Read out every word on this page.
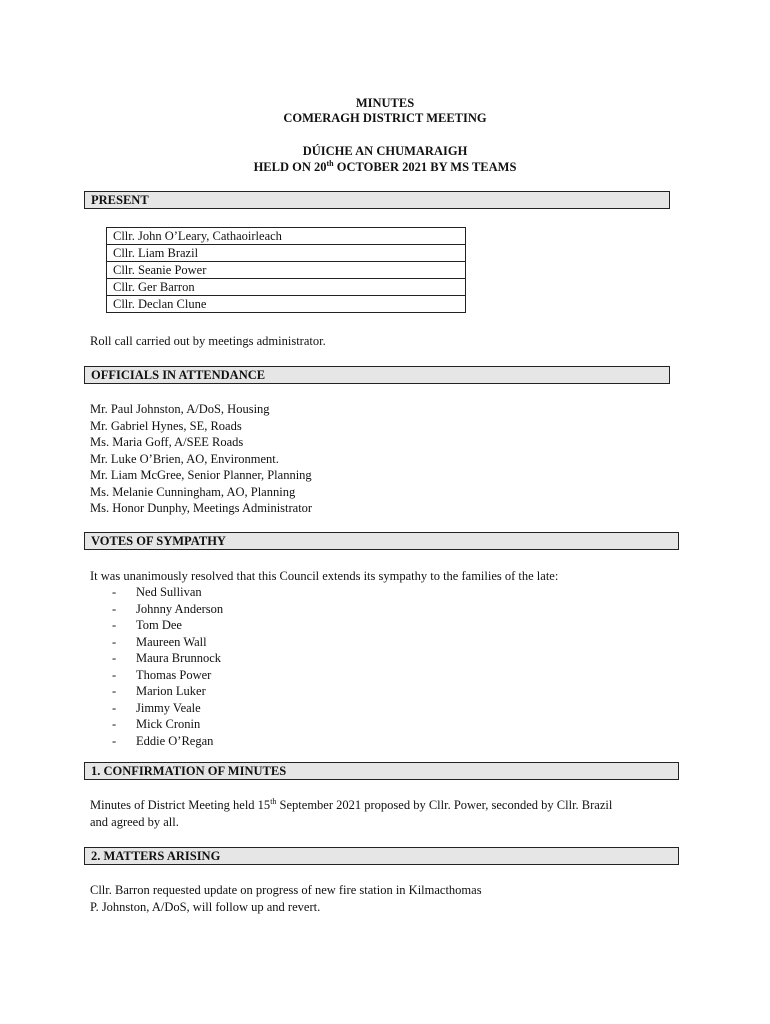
MINUTES
COMERAGH DISTRICT MEETING
DÚICHE AN CHUMARAIGH
HELD ON 20th OCTOBER 2021 BY MS TEAMS
PRESENT
Cllr. John O’Leary, Cathaoirleach
Cllr. Liam Brazil
Cllr. Seanie Power
Cllr. Ger Barron
Cllr. Declan Clune
Roll call carried out by meetings administrator.
OFFICIALS IN ATTENDANCE
Mr. Paul Johnston, A/DoS, Housing
Mr. Gabriel Hynes, SE, Roads
Ms. Maria Goff, A/SEE Roads
Mr. Luke O’Brien, AO, Environment.
Mr. Liam McGree, Senior Planner, Planning
Ms. Melanie Cunningham, AO, Planning
Ms. Honor Dunphy, Meetings Administrator
VOTES OF SYMPATHY
It was unanimously resolved that this Council extends its sympathy to the families of the late:
- Ned Sullivan
- Johnny Anderson
- Tom Dee
- Maureen Wall
- Maura Brunnock
- Thomas Power
- Marion Luker
- Jimmy Veale
- Mick Cronin
- Eddie O’Regan
1. CONFIRMATION OF MINUTES
Minutes of District Meeting held 15th September 2021 proposed by Cllr. Power, seconded by Cllr. Brazil
and agreed by all.
2. MATTERS ARISING
Cllr. Barron requested update on progress of new fire station in Kilmacthomas
P. Johnston, A/DoS, will follow up and revert.
